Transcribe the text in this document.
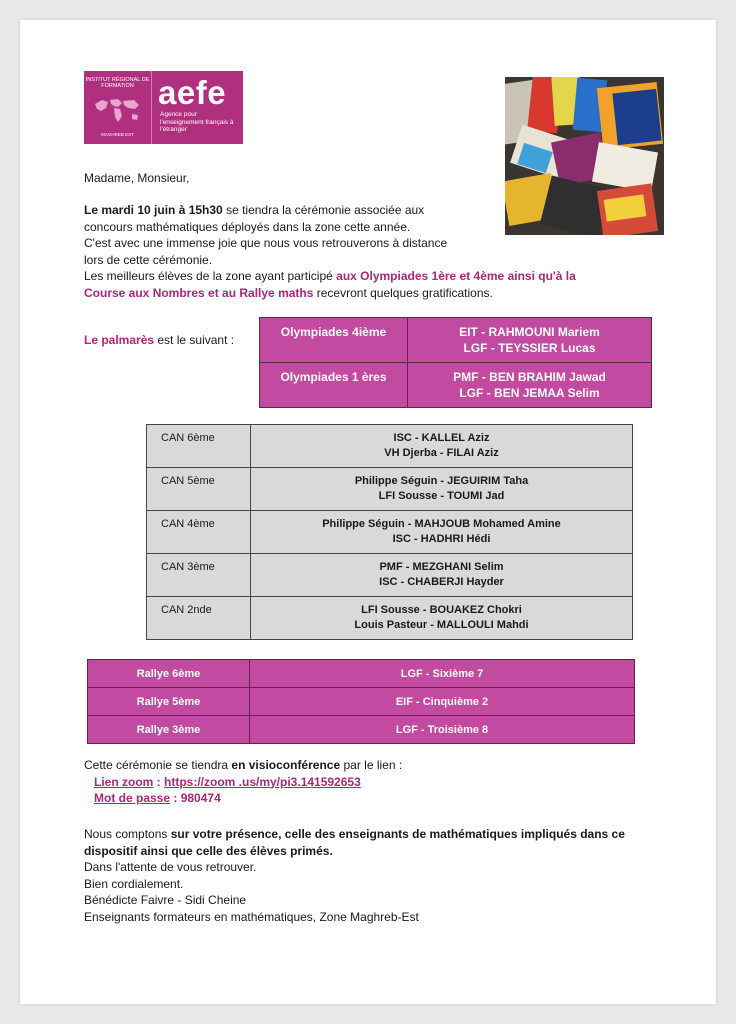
INSTITUT RÉGIONAL DE FORMATION
MAGHREB EST
aefe
Agence pour l'enseignement français à l'étranger
Madame, Monsieur,
Le mardi 10 juin à 15h30 se tiendra la cérémonie associée aux
concours mathématiques déployés dans la zone cette année.
C'est avec une immense joie que nous vous retrouverons à distance
lors de cette cérémonie.
Les meilleurs élèves de la zone ayant participé aux Olympiades 1ère et 4ème ainsi qu'à la
Course aux Nombres et au Rallye maths recevront quelques gratifications.
Le palmarès est le suivant :
Olympiades 4ième	EIT - RAHMOUNI Mariem
LGF - TEYSSIER Lucas

Olympiades 1 ères	PMF - BEN BRAHIM Jawad
LGF - BEN JEMAA Selim
CAN 6ème	ISC - KALLEL Aziz
VH Djerba - FILAI Aziz

CAN 5ème	Philippe Séguin - JEGUIRIM Taha
LFI Sousse - TOUMI Jad

CAN 4ème	Philippe Séguin - MAHJOUB Mohamed Amine
ISC - HADHRI Hédi

CAN 3ème	PMF - MEZGHANI Selim
ISC - CHABERJI Hayder

CAN 2nde	LFI Sousse - BOUAKEZ Chokri
Louis Pasteur - MALLOULI Mahdi
Rallye 6ème	LGF - Sixième 7
Rallye 5ème	EIF - Cinquième 2
Rallye 3ème	LGF - Troisième 8
Cette cérémonie se tiendra en visioconférence par le lien :
Lien zoom : https://zoom .us/my/pi3.141592653
Mot de passe : 980474
Nous comptons sur votre présence, celle des enseignants de mathématiques impliqués dans ce
dispositif ainsi que celle des élèves primés.
Dans l'attente de vous retrouver.
Bien cordialement.
Bénédicte Faivre - Sidi Cheine
Enseignants formateurs en mathématiques, Zone Maghreb-Est
